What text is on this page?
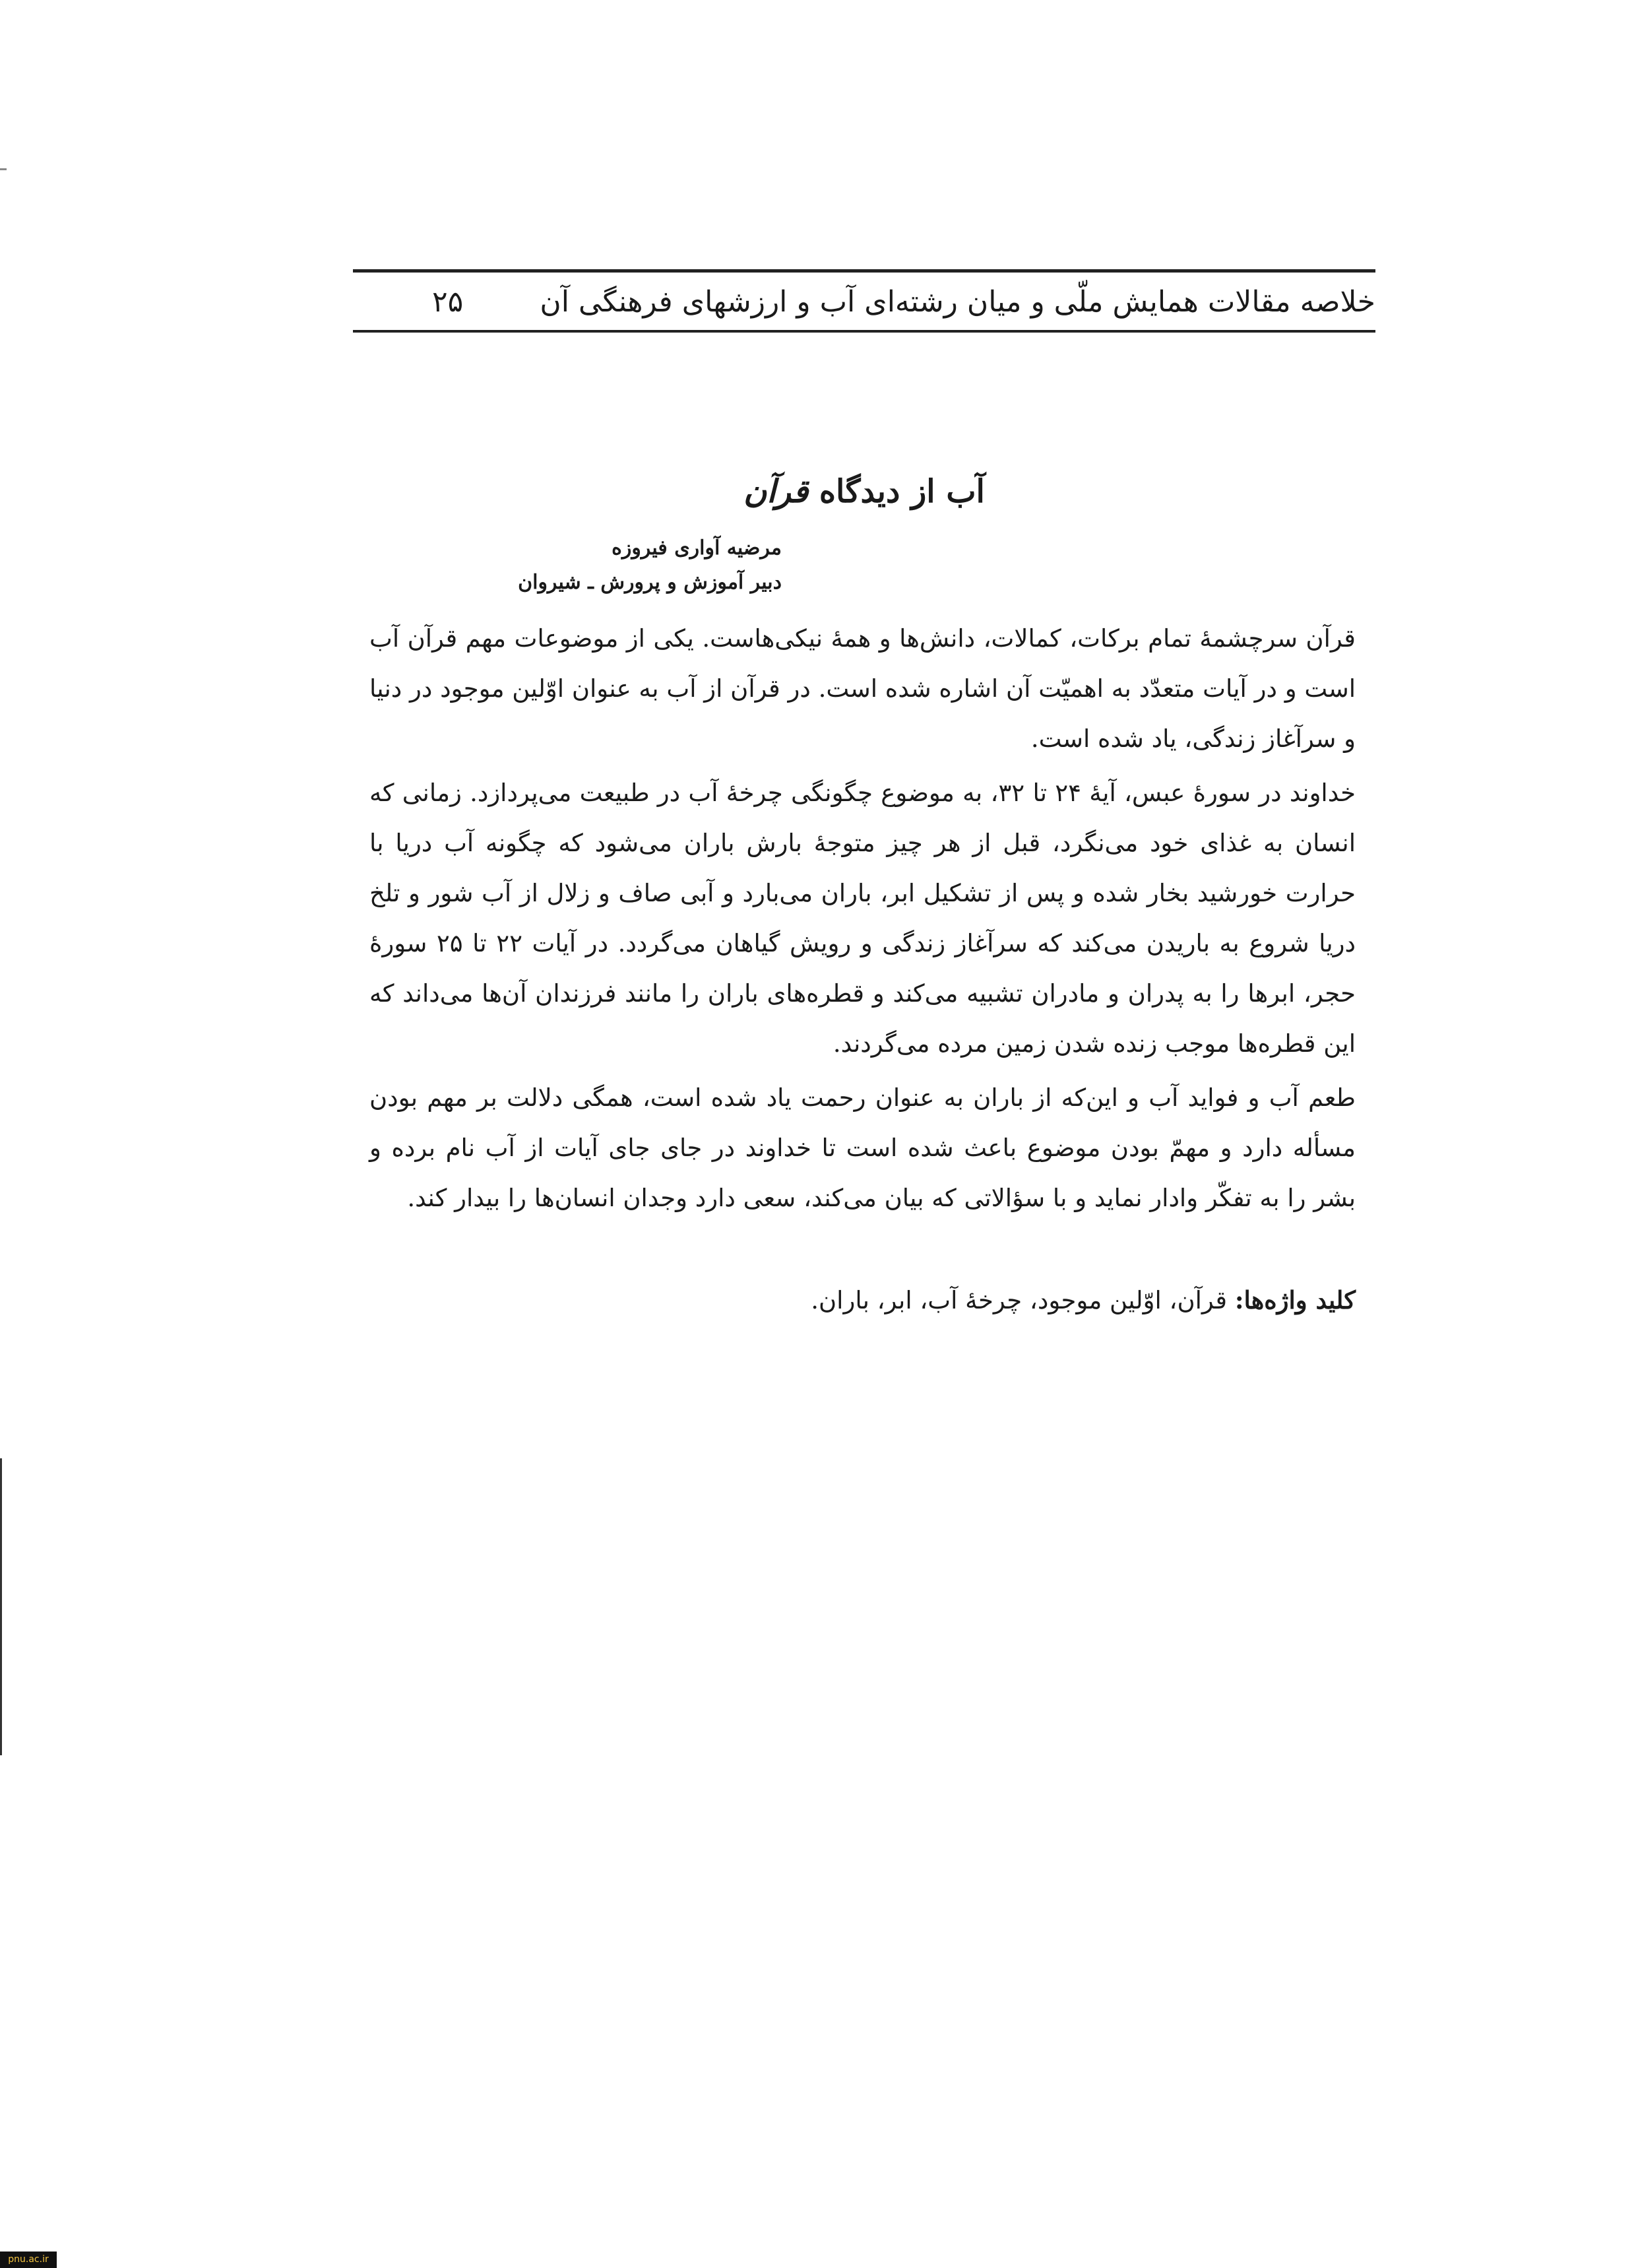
خلاصه مقالات همایش ملّی و میان رشته‌ای آب و ارزشهای فرهنگی آن
۲۵
آب از دیدگاه قرآن
مرضیه آواری فیروزه
دبیر آموزش و پرورش ـ شیروان

قرآن سرچشمهٔ تمام برکات، کمالات، دانش‌ها و همهٔ نیکی‌هاست. یکی از موضوعات مهم قرآن آب است و در آیات متعدّد به اهمیّت آن اشاره شده است. در قرآن از آب به عنوان اوّلین موجود در دنیا و سرآغاز زندگی، یاد شده است.

خداوند در سورهٔ عبس، آیهٔ ۲۴ تا ۳۲، به موضوع چگونگی چرخهٔ آب در طبیعت می‌پردازد. زمانی که انسان به غذای خود می‌نگرد، قبل از هر چیز متوجهٔ بارش باران می‌شود که چگونه آب دریا با حرارت خورشید بخار شده و پس از تشکیل ابر، باران می‌بارد و آبی صاف و زلال از آب شور و تلخ دریا شروع به باریدن می‌کند که سرآغاز زندگی و رویش گیاهان می‌گردد. در آیات ۲۲ تا ۲۵ سورهٔ حجر، ابرها را به پدران و مادران تشبیه می‌کند و قطره‌های باران را مانند فرزندان آن‌ها می‌داند که این قطره‌ها موجب زنده شدن زمین مرده می‌گردند.

طعم آب و فواید آب و این‌که از باران به عنوان رحمت یاد شده است، همگی دلالت بر مهم بودن مسأله دارد و مهمّ بودن موضوع باعث شده است تا خداوند در جای جای آیات از آب نام برده و بشر را به تفکّر وادار نماید و با سؤالاتی که بیان می‌کند، سعی دارد وجدان انسان‌ها را بیدار کند.

کلید واژه‌ها: قرآن، اوّلین موجود، چرخهٔ آب، ابر، باران.
pnu.ac.ir
